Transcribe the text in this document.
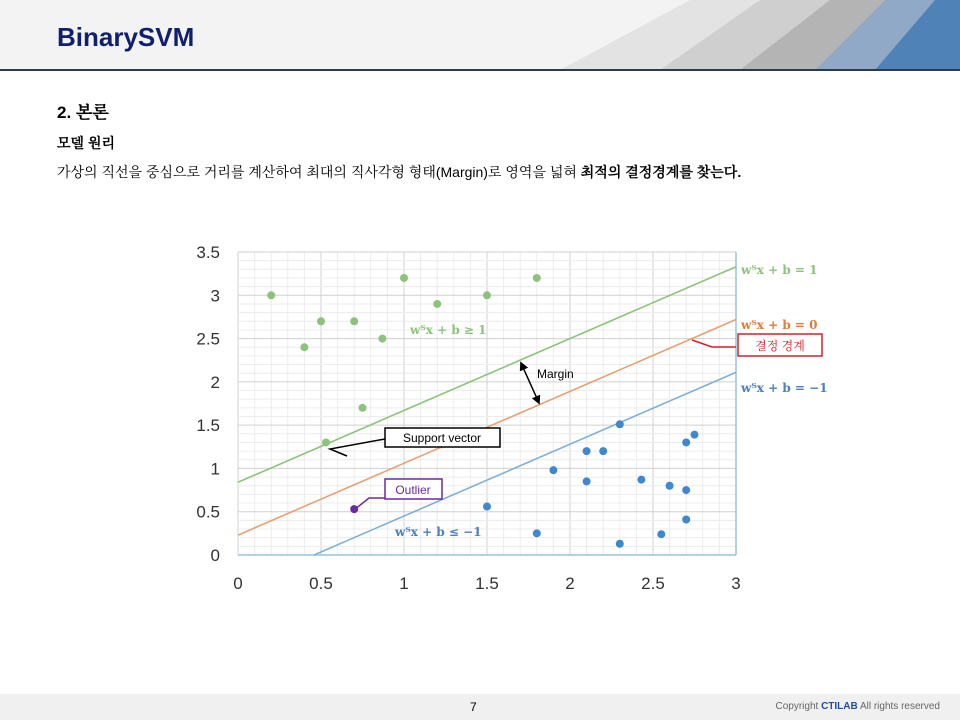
BinarySVM
2. 본론
모델 원리
가상의 직선을 중심으로 거리를 계산하여 최대의 직사각형 형태(Margin)로 영역을 넓혀 최적의 결정경계를 찾는다.
0	0.5	1	1.5	2	2.5	3
0
0.5
1
1.5
2
2.5
3
3.5
wᵀx + b ≥ 1
wᵀx + b ≤ −1
wᵀx + b = 1
wᵀx + b = 0
wᵀx + b = −1
결정 경계
Margin
Support vector
Outlier
7	Copyright CTILAB All rights reserved
